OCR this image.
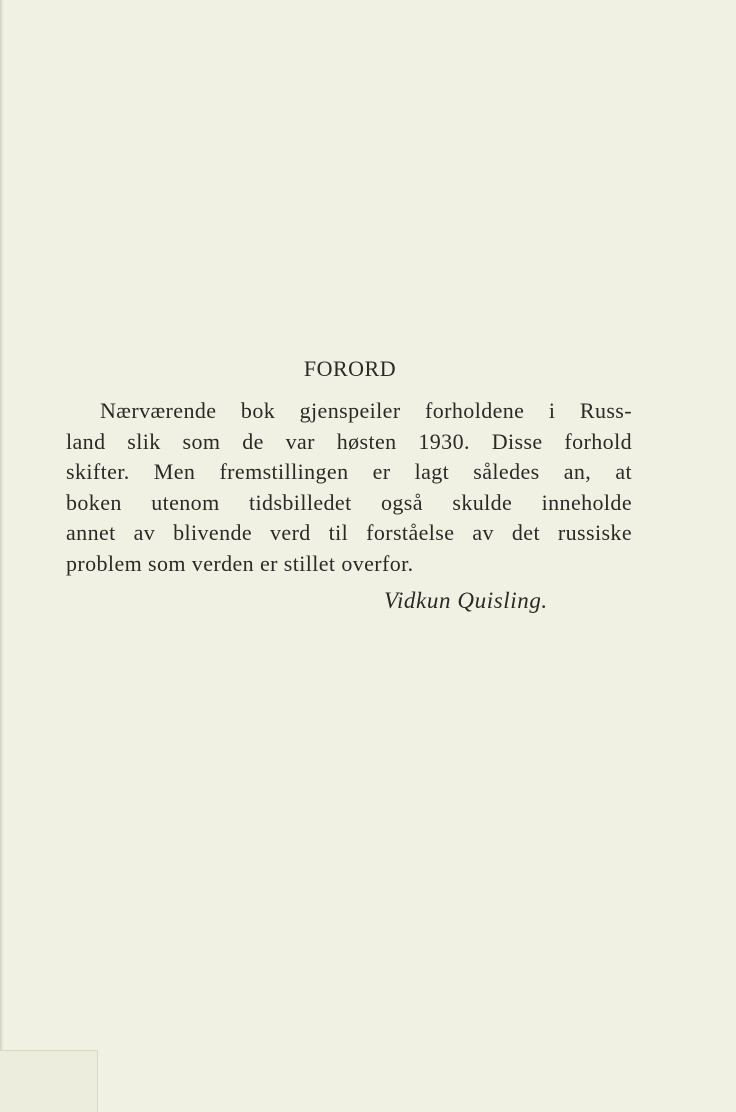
FORORD

Nærværende bok gjenspeiler forholdene i Russ-
land slik som de var høsten 1930. Disse forhold
skifter. Men fremstillingen er lagt således an, at
boken utenom tidsbilledet også skulde inneholde
annet av blivende verd til forståelse av det russiske
problem som verden er stillet overfor.

Vidkun Quisling.
